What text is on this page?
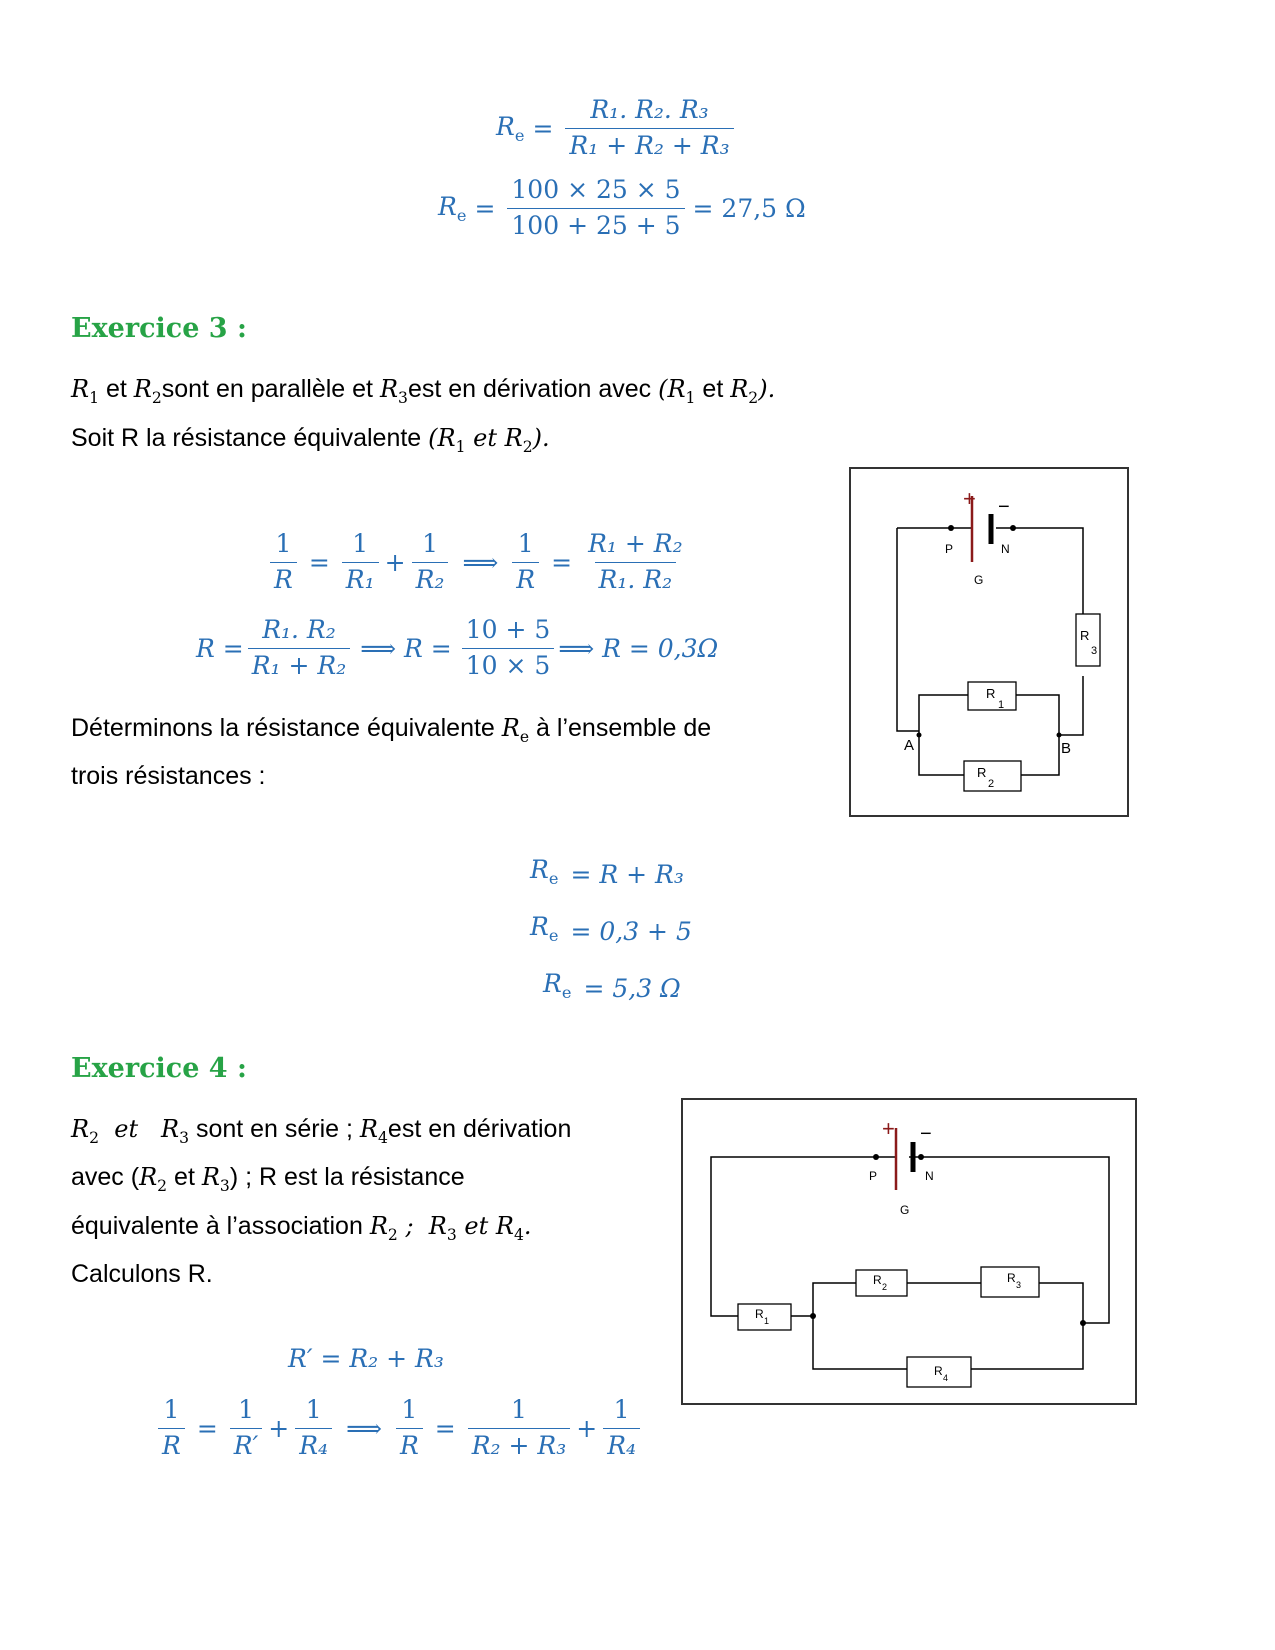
$R_e = \frac{\text{R₁. R₂. R₃}}{\text{R₁ + R₂ + R₃}}$
$R_e = \frac{100 \times 25 \times 5}{100 + 25 + 5} = 27,5$ Ω
Exercice 3 :
$R_1$ et $R_2sont$ en parallèle et $R_3est$ en dérivation avec ($R_1$ et $R_2$).
Soit R la résistance équivalente ($R_1$ et $R_2$).
$\frac{1}{R} = \frac{1}{\text{R₁}} + \frac{1}{\text{R₂}}$ ⟹ $\frac{1}{R} = \frac{\text{R₁ + R₂}}{\text{R₁. R₂}}$
$R = \frac{\text{R₁. R₂}}{\text{R₁ + R₂}}$ ⟹ $R = \frac{10 + 5}{10 \times 5}$ ⟹ R = 0,3Ω
Déterminons la résistance équivalente $R_e$ à l’ensemble de
trois résistances :
$R_e = R + R_3$
$R_e = 0,3 + 5$
$R_e = 5,3$ Ω
+ −
P	N
G
R
3
R
1
R
2
A	B
Exercice 4 :
$R_2$  et   $R_3$ sont en série ; $R_4est$ en dérivation
avec ($R_2$ et $R_3$) ; R est la résistance
équivalente à l’association $R_2$ ;  $R_3$ et $R_4$.
Calculons R.
R′ = R₂ + R₃
$\frac{1}{R} = \frac{1}{R'} + \frac{1}{\text{R₄}}$ ⟹ $\frac{1}{R} = \frac{1}{\text{R₂ + R₃}} + \frac{1}{\text{R₄}}$
+ −
P	N
G
R 1
R 2
R 3
R 4
